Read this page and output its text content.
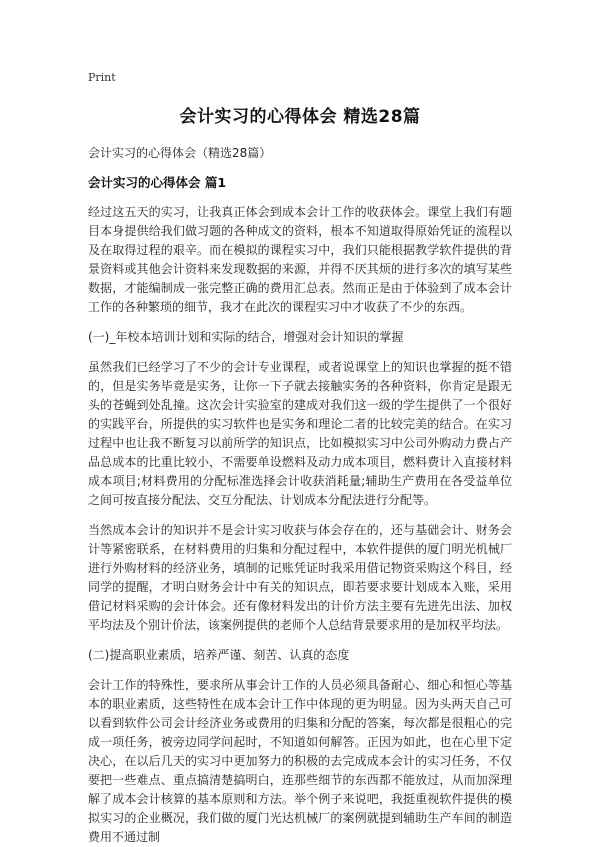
Print
会计实习的心得体会 精选28篇

会计实习的心得体会（精选28篇）

会计实习的心得体会 篇1

经过这五天的实习，让我真正体会到成本会计工作的收获体会。课堂上我们有题目本身提供给我们做习题的各种成文的资料，根本不知道取得原始凭证的流程以及在取得过程的艰辛。而在模拟的课程实习中，我们只能根据教学软件提供的背景资料或其他会计资料来发现数据的来源，并得不厌其烦的进行多次的填写某些数据，才能编制成一张完整正确的费用汇总表。然而正是由于体验到了成本会计工作的各种繁琐的细节，我才在此次的课程实习中才收获了不少的东西。

(一)_年校本培训计划和实际的结合，增强对会计知识的掌握

虽然我们已经学习了不少的会计专业课程，或者说课堂上的知识也掌握的挺不错的，但是实务毕竟是实务，让你一下子就去接触实务的各种资料，你肯定是跟无头的苍蝇到处乱撞。这次会计实验室的建成对我们这一级的学生提供了一个很好的实践平台，所提供的实习软件也是实务和理论二者的比较完美的结合。在实习过程中也让我不断复习以前所学的知识点，比如模拟实习中公司外购动力费占产品总成本的比重比较小，不需要单设燃料及动力成本项目，燃料费计入直接材料成本项目;材料费用的分配标准选择会计收获消耗量;辅助生产费用在各受益单位之间可按直接分配法、交互分配法、计划成本分配法进行分配等。

当然成本会计的知识并不是会计实习收获与体会存在的，还与基础会计、财务会计等紧密联系，在材料费用的归集和分配过程中，本软件提供的厦门明光机械厂进行外购材料的经济业务，填制的记账凭证时我采用借记物资采购这个科目，经同学的提醒，才明白财务会计中有关的知识点，即若要求要计划成本入账，采用借记材料采购的会计体会。还有像材料发出的计价方法主要有先进先出法、加权平均法及个别计价法，该案例提供的老师个人总结背景要求用的是加权平均法。

(二)提高职业素质，培养严谨、刻苦、认真的态度

会计工作的特殊性，要求所从事会计工作的人员必须具备耐心、细心和恒心等基本的职业素质，这些特性在成本会计工作中体现的更为明显。因为头两天自己可以看到软件公司会计经济业务或费用的归集和分配的答案，每次都是很粗心的完成一项任务，被旁边同学问起时，不知道如何解答。正因为如此，也在心里下定决心，在以后几天的实习中更加努力的积极的去完成成本会计的实习任务，不仅要把一些难点、重点搞清楚搞明白，连那些细节的东西都不能放过，从而加深理解了成本会计核算的基本原则和方法。举个例子来说吧，我挺重视软件提供的模拟实习的企业概况，我们做的厦门光达机械厂的案例就提到辅助生产车间的制造费用不通过制
